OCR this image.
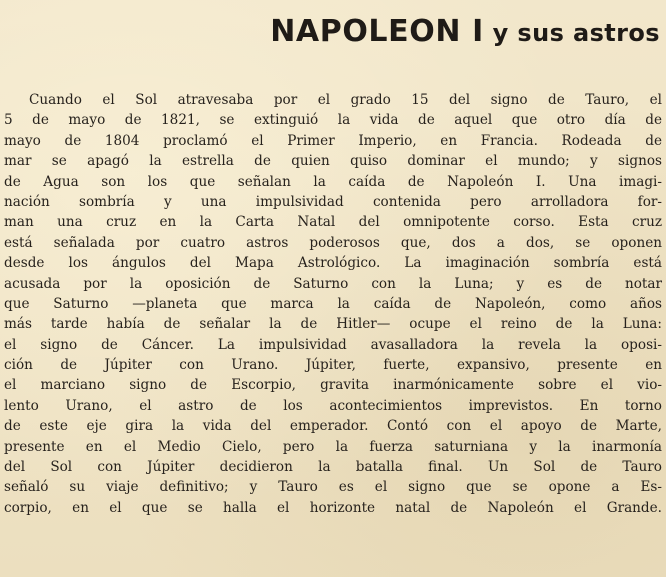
NAPOLEON I y sus astros
Cuando el Sol atravesaba por el grado 15 del signo de Tauro, el
5 de mayo de 1821, se extinguió la vida de aquel que otro día de
mayo de 1804 proclamó el Primer Imperio, en Francia. Rodeada de
mar se apagó la estrella de quien quiso dominar el mundo; y signos
de Agua son los que señalan la caída de Napoleón I. Una imagi-
nación sombría y una impulsividad contenida pero arrolladora for-
man una cruz en la Carta Natal del omnipotente corso. Esta cruz
está señalada por cuatro astros poderosos que, dos a dos, se oponen
desde los ángulos del Mapa Astrológico. La imaginación sombría está
acusada por la oposición de Saturno con la Luna; y es de notar
que Saturno —planeta que marca la caída de Napoleón, como años
más tarde había de señalar la de Hitler— ocupe el reino de la Luna:
el signo de Cáncer. La impulsividad avasalladora la revela la oposi-
ción de Júpiter con Urano. Júpiter, fuerte, expansivo, presente en
el marciano signo de Escorpio, gravita inarmónicamente sobre el vio-
lento Urano, el astro de los acontecimientos imprevistos. En torno
de este eje gira la vida del emperador. Contó con el apoyo de Marte,
presente en el Medio Cielo, pero la fuerza saturniana y la inarmonía
del Sol con Júpiter decidieron la batalla final. Un Sol de Tauro
señaló su viaje definitivo; y Tauro es el signo que se opone a Es-
corpio, en el que se halla el horizonte natal de Napoleón el Grande.
